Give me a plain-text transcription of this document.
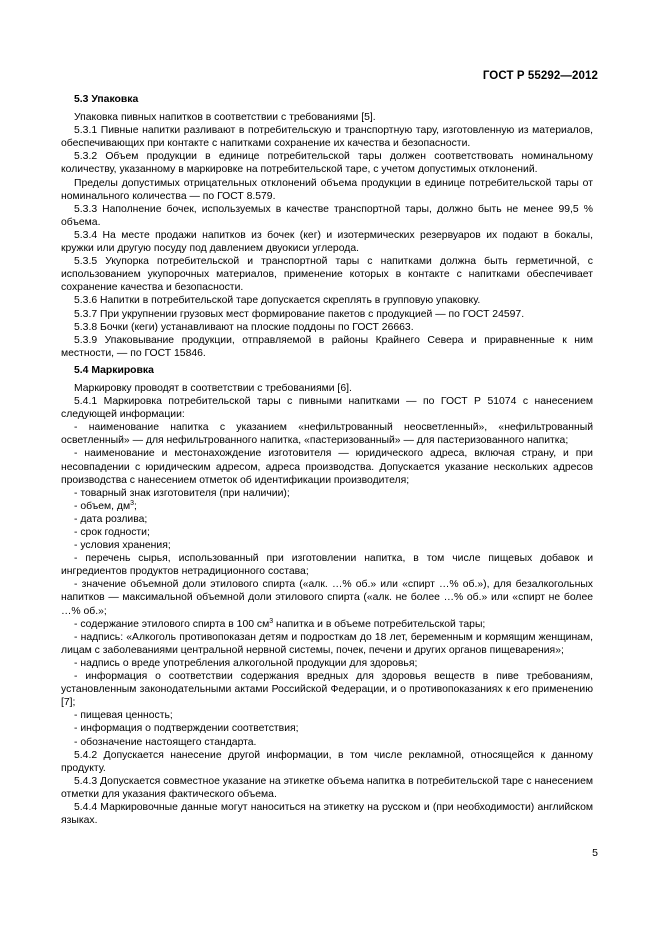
ГОСТ Р 55292—2012

5.3 Упаковка

Упаковка пивных напитков в соответствии с требованиями [5].

5.3.1 Пивные напитки разливают в потребительскую и транспортную тару, изготовленную из материалов, обеспечивающих при контакте с напитками сохранение их качества и безопасности.

5.3.2 Объем продукции в единице потребительской тары должен соответствовать номинальному количеству, указанному в маркировке на потребительской таре, с учетом допустимых отклонений.

Пределы допустимых отрицательных отклонений объема продукции в единице потребительской тары от номинального количества — по ГОСТ 8.579.

5.3.3 Наполнение бочек, используемых в качестве транспортной тары, должно быть не менее 99,5 % объема.

5.3.4 На месте продажи напитков из бочек (кег) и изотермических резервуаров их подают в бокалы, кружки или другую посуду под давлением двуокиси углерода.

5.3.5 Укупорка потребительской и транспортной тары с напитками должна быть герметичной, с использованием укупорочных материалов, применение которых в контакте с напитками обеспечивает сохранение качества и безопасности.

5.3.6 Напитки в потребительской таре допускается скреплять в групповую упаковку.

5.3.7 При укрупнении грузовых мест формирование пакетов с продукцией — по ГОСТ 24597.

5.3.8 Бочки (кеги) устанавливают на плоские поддоны по ГОСТ 26663.

5.3.9 Упаковывание продукции, отправляемой в районы Крайнего Севера и приравненные к ним местности, — по ГОСТ 15846.

5.4 Маркировка

Маркировку проводят в соответствии с требованиями [6].

5.4.1 Маркировка потребительской тары с пивными напитками — по ГОСТ Р 51074 с нанесением следующей информации:

- наименование напитка с указанием «нефильтрованный неосветленный», «нефильтрованный осветленный» — для нефильтрованного напитка, «пастеризованный» — для пастеризованного напитка;

- наименование и местонахождение изготовителя — юридического адреса, включая страну, и при несовпадении с юридическим адресом, адреса производства. Допускается указание нескольких адресов производства с нанесением отметок об идентификации производителя;

- товарный знак изготовителя (при наличии);

- объем, $дм^3$;

- дата розлива;

- срок годности;

- условия хранения;

- перечень сырья, использованный при изготовлении напитка, в том числе пищевых добавок и ингредиентов продуктов нетрадиционного состава;

- значение объемной доли этилового спирта («алк. …% об.» или «спирт …% об.»), для безалкогольных напитков — максимальной объемной доли этилового спирта («алк. не более …% об.» или «спирт не более …% об.»;

- содержание этилового спирта в 100 $см^3$ напитка и в объеме потребительской тары;

- надпись: «Алкоголь противопоказан детям и подросткам до 18 лет, беременным и кормящим женщинам, лицам с заболеваниями центральной нервной системы, почек, печени и других органов пищеварения»;

- надпись о вреде употребления алкогольной продукции для здоровья;

- информация о соответствии содержания вредных для здоровья веществ в пиве требованиям, установленным законодательными актами Российской Федерации, и о противопоказаниях к его применению [7];

- пищевая ценность;

- информация о подтверждении соответствия;

- обозначение настоящего стандарта.

5.4.2 Допускается нанесение другой информации, в том числе рекламной, относящейся к данному продукту.

5.4.3 Допускается совместное указание на этикетке объема напитка в потребительской таре с нанесением отметки для указания фактического объема.

5.4.4 Маркировочные данные могут наноситься на этикетку на русском и (при необходимости) английском языках.

5
